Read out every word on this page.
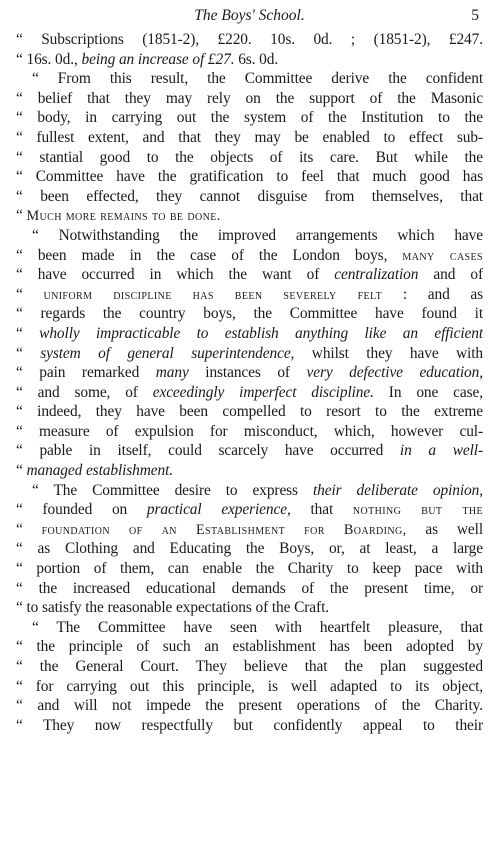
The Boys' School.	5
“ Subscriptions (1851-2), £220. 10s. 0d. ; (1851-2), £247.
“ 16s. 0d., being an increase of £27. 6s. 0d.
“ From this result, the Committee derive the confident
“ belief that they may rely on the support of the Masonic
“ body, in carrying out the system of the Institution to the
“ fullest extent, and that they may be enabled to effect sub-
“ stantial good to the objects of its care. But while the
“ Committee have the gratification to feel that much good has
“ been effected, they cannot disguise from themselves, that
“ Much more remains to be done.
“ Notwithstanding the improved arrangements which have
“ been made in the case of the London boys, many cases
“ have occurred in which the want of centralization and of
“ uniform discipline has been severely felt : and as
“ regards the country boys, the Committee have found it
“ wholly impracticable to establish anything like an efficient
“ system of general superintendence, whilst they have with
“ pain remarked many instances of very defective education,
“ and some, of exceedingly imperfect discipline. In one case,
“ indeed, they have been compelled to resort to the extreme
“ measure of expulsion for misconduct, which, however cul-
“ pable in itself, could scarcely have occurred in a well-
“ managed establishment.
“ The Committee desire to express their deliberate opinion,
“ founded on practical experience, that nothing but the
“ foundation of an Establishment for Boarding, as well
“ as Clothing and Educating the Boys, or, at least, a large
“ portion of them, can enable the Charity to keep pace with
“ the increased educational demands of the present time, or
“ to satisfy the reasonable expectations of the Craft.
“ The Committee have seen with heartfelt pleasure, that
“ the principle of such an establishment has been adopted by
“ the General Court. They believe that the plan suggested
“ for carrying out this principle, is well adapted to its object,
“ and will not impede the present operations of the Charity.
“ They now respectfully but confidently appeal to their
